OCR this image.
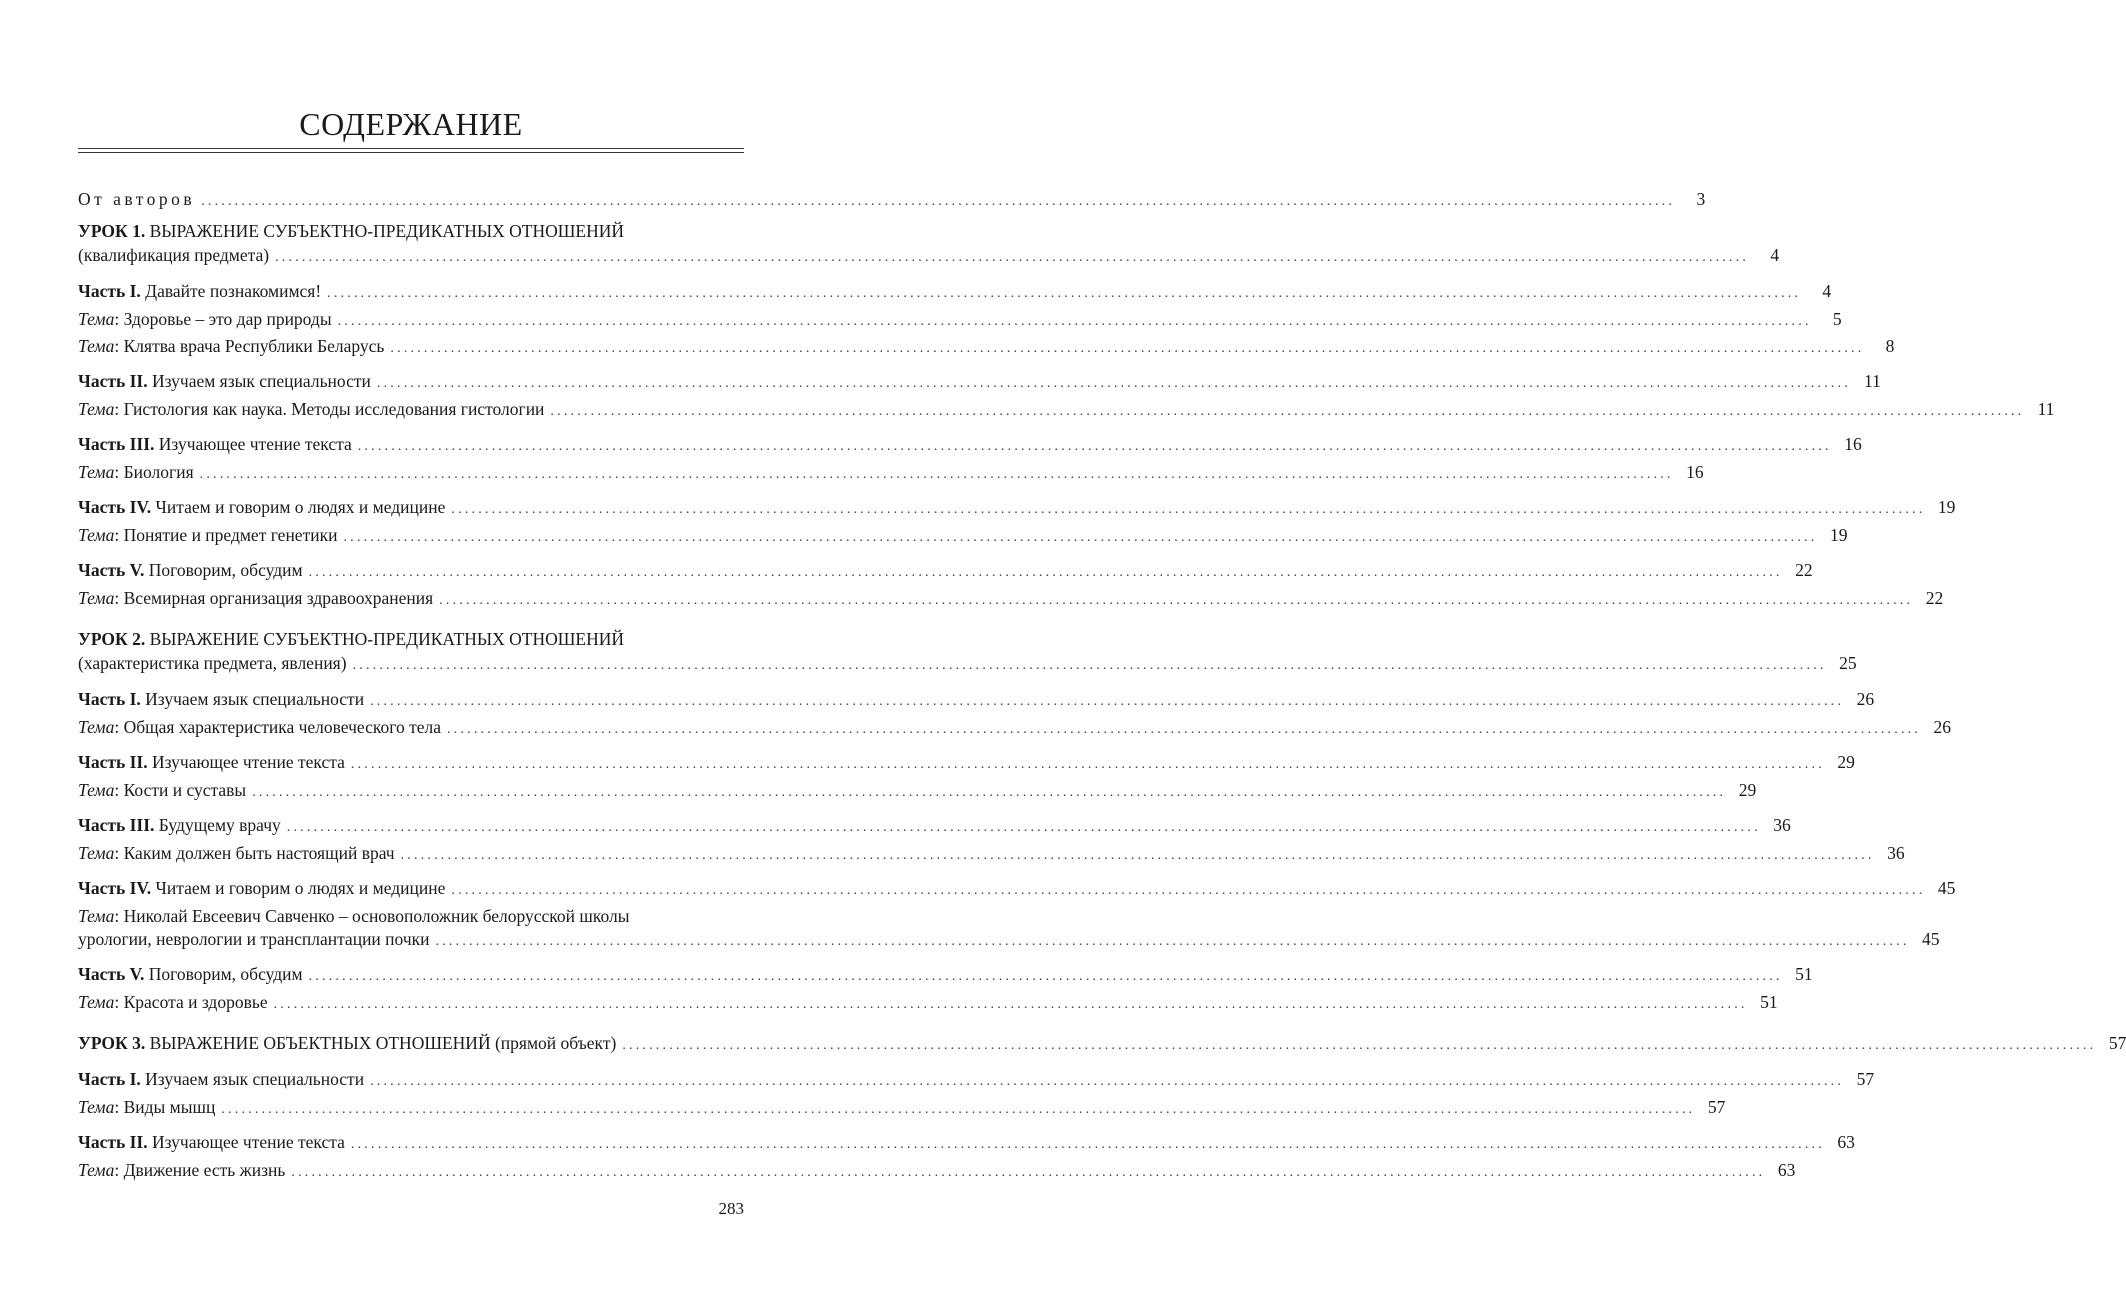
СОДЕРЖАНИЕ
От авторов ............................................................................................................................................................................................................................	3
УРОК 1. ВЫРАЖЕНИЕ СУБЪЕКТНО-ПРЕДИКАТНЫХ ОТНОШЕНИЙ
(квалификация предмета) ............................................................................................................................................................................................................................	4
Часть I. Давайте познакомимся! ............................................................................................................................................................................................................................	4
Тема: Здоровье – это дар природы ............................................................................................................................................................................................................................	5
Тема: Клятва врача Республики Беларусь ............................................................................................................................................................................................................................	8
Часть II. Изучаем язык специальности ............................................................................................................................................................................................................................ 11
Тема: Гистология как наука. Методы исследования гистологии ............................................................................................................................................................................................................................ 11
Часть III. Изучающее чтение текста ............................................................................................................................................................................................................................ 16
Тема: Биология ............................................................................................................................................................................................................................ 16
Часть IV. Читаем и говорим о людях и медицине ............................................................................................................................................................................................................................ 19
Тема: Понятие и предмет генетики ............................................................................................................................................................................................................................ 19
Часть V. Поговорим, обсудим ............................................................................................................................................................................................................................ 22
Тема: Всемирная организация здравоохранения ............................................................................................................................................................................................................................ 22
УРОК 2. ВЫРАЖЕНИЕ СУБЪЕКТНО-ПРЕДИКАТНЫХ ОТНОШЕНИЙ
(характеристика предмета, явления) ............................................................................................................................................................................................................................ 25
Часть I. Изучаем язык специальности ............................................................................................................................................................................................................................ 26
Тема: Общая характеристика человеческого тела ............................................................................................................................................................................................................................ 26
Часть II. Изучающее чтение текста ............................................................................................................................................................................................................................ 29
Тема: Кости и суставы ............................................................................................................................................................................................................................ 29
Часть III. Будущему врачу ............................................................................................................................................................................................................................ 36
Тема: Каким должен быть настоящий врач ............................................................................................................................................................................................................................ 36
Часть IV. Читаем и говорим о людях и медицине ............................................................................................................................................................................................................................ 45
Тема: Николай Евсеевич Савченко – основоположник белорусской школы
урологии, неврологии и трансплантации почки ............................................................................................................................................................................................................................ 45
Часть V. Поговорим, обсудим ............................................................................................................................................................................................................................ 51
Тема: Красота и здоровье ............................................................................................................................................................................................................................ 51
УРОК 3. ВЫРАЖЕНИЕ ОБЪЕКТНЫХ ОТНОШЕНИЙ (прямой объект) ............................................................................................................................................................................................................................ 57
Часть I. Изучаем язык специальности ............................................................................................................................................................................................................................ 57
Тема: Виды мышц ............................................................................................................................................................................................................................ 57
Часть II. Изучающее чтение текста ............................................................................................................................................................................................................................ 63
Тема: Движение есть жизнь ............................................................................................................................................................................................................................ 63
283
